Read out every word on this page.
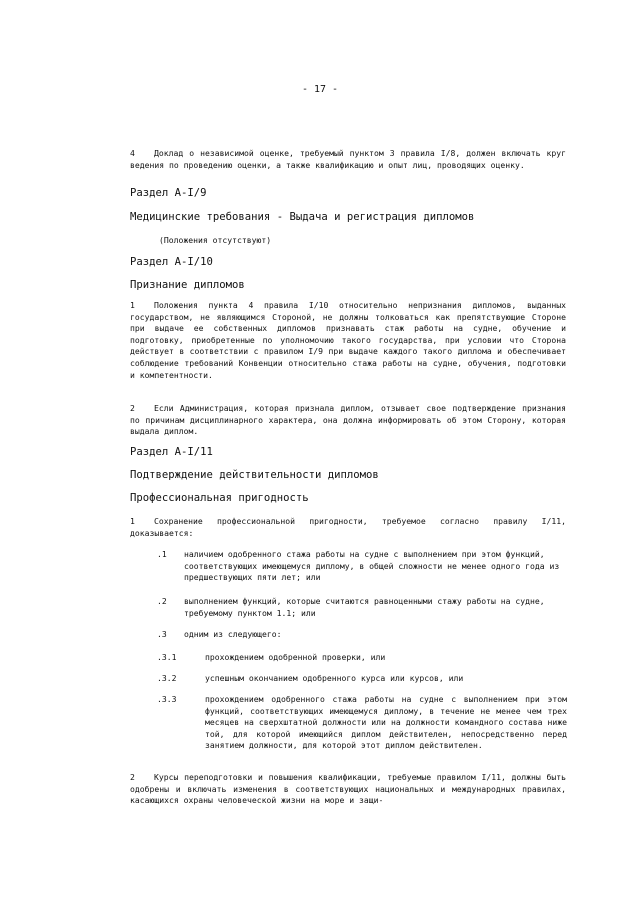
- 17 -
4 Доклад о независимой оценке, требуемый пунктом 3 правила I/8, должен включать круг ведения по проведению оценки, а также квалификацию и опыт лиц, проводящих оценку.
Раздел A-I/9
Медицинские требования - Выдача и регистрация дипломов
(Положения отсутствуют)
Раздел A-I/10
Признание дипломов
1 Положения пункта 4 правила I/10 относительно непризнания дипломов, выданных государством, не являющимся Стороной, не должны толковаться как препятствующие Стороне при выдаче ее собственных дипломов признавать стаж работы на судне, обучение и подготовку, приобретенные по уполномочию такого государства, при условии что Сторона действует в соответствии с правилом I/9 при выдаче каждого такого диплома и обеспечивает соблюдение требований Конвенции относительно стажа работы на судне, обучения, подготовки и компетентности.
2 Если Администрация, которая признала диплом, отзывает свое подтверждение признания по причинам дисциплинарного характера, она должна информировать об этом Сторону, которая выдала диплом.
Раздел A-I/11
Подтверждение действительности дипломов
Профессиональная пригодность
1 Сохранение профессиональной пригодности, требуемое согласно правилу I/11, доказывается:
.1 наличием одобренного стажа работы на судне с выполнением при этом функций, соответствующих имеющемуся диплому, в общей сложности не менее одного года из предшествующих пяти лет; или
.2 выполнением функций, которые считаются равноценными стажу работы на судне, требуемому пунктом 1.1; или
.3 одним из следующего:
.3.1	прохождением одобренной проверки, или
.3.2	успешным окончанием одобренного курса или курсов, или
.3.3	прохождением одобренного стажа работы на судне с выполнением при этом функций, соответствующих имеющемуся диплому, в течение не менее чем трех месяцев на сверхштатной должности или на должности командного состава ниже той, для которой имеющийся диплом действителен, непосредственно перед занятием должности, для которой этот диплом действителен.
2 Курсы переподготовки и повышения квалификации, требуемые правилом I/11, должны быть одобрены и включать изменения в соответствующих национальных и международных правилах, касающихся охраны человеческой жизни на море и защи-
